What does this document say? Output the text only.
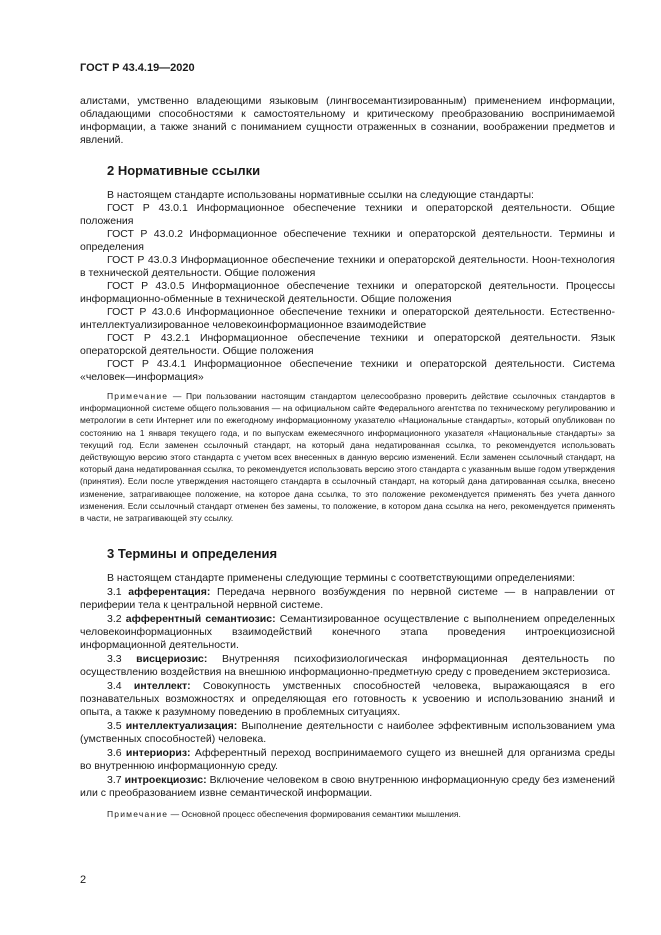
ГОСТ Р 43.4.19—2020

алистами, умственно владеющими языковым (лингвосемантизированным) применением информации, обладающими способностями к самостоятельному и критическому преобразованию воспринимаемой информации, а также знаний с пониманием сущности отраженных в сознании, воображении предметов и явлений.

2 Нормативные ссылки

В настоящем стандарте использованы нормативные ссылки на следующие стандарты:

ГОСТ Р 43.0.1 Информационное обеспечение техники и операторской деятельности. Общие положения

ГОСТ Р 43.0.2 Информационное обеспечение техники и операторской деятельности. Термины и определения

ГОСТ Р 43.0.3 Информационное обеспечение техники и операторской деятельности. Ноон-технология в технической деятельности. Общие положения

ГОСТ Р 43.0.5 Информационное обеспечение техники и операторской деятельности. Процессы информационно-обменные в технической деятельности. Общие положения

ГОСТ Р 43.0.6 Информационное обеспечение техники и операторской деятельности. Естественно-интеллектуализированное человекоинформационное взаимодействие

ГОСТ Р 43.2.1 Информационное обеспечение техники и операторской деятельности. Язык операторской деятельности. Общие положения

ГОСТ Р 43.4.1 Информационное обеспечение техники и операторской деятельности. Система «человек—информация»

Примечание — При пользовании настоящим стандартом целесообразно проверить действие ссылочных стандартов в информационной системе общего пользования — на официальном сайте Федерального агентства по техническому регулированию и метрологии в сети Интернет или по ежегодному информационному указателю «Национальные стандарты», который опубликован по состоянию на 1 января текущего года, и по выпускам ежемесячного информационного указателя «Национальные стандарты» за текущий год. Если заменен ссылочный стандарт, на который дана недатированная ссылка, то рекомендуется использовать действующую версию этого стандарта с учетом всех внесенных в данную версию изменений. Если заменен ссылочный стандарт, на который дана недатированная ссылка, то рекомендуется использовать версию этого стандарта с указанным выше годом утверждения (принятия). Если после утверждения настоящего стандарта в ссылочный стандарт, на который дана датированная ссылка, внесено изменение, затрагивающее положение, на которое дана ссылка, то это положение рекомендуется применять без учета данного изменения. Если ссылочный стандарт отменен без замены, то положение, в котором дана ссылка на него, рекомендуется применять в части, не затрагивающей эту ссылку.

3 Термины и определения

В настоящем стандарте применены следующие термины с соответствующими определениями:

3.1 афферентация: Передача нервного возбуждения по нервной системе — в направлении от периферии тела к центральной нервной системе.

3.2 афферентный семантиозис: Семантизированное осуществление с выполнением определенных человекоинформационных взаимодействий конечного этапа проведения интроекциозисной информационной деятельности.

3.3 висцериозис: Внутренняя психофизиологическая информационная деятельность по осуществлению воздействия на внешнюю информационно-предметную среду с проведением экстериозиса.

3.4 интеллект: Совокупность умственных способностей человека, выражающаяся в его познавательных возможностях и определяющая его готовность к усвоению и использованию знаний и опыта, а также к разумному поведению в проблемных ситуациях.

3.5 интеллектуализация: Выполнение деятельности с наиболее эффективным использованием ума (умственных способностей) человека.

3.6 интериориз: Афферентный переход воспринимаемого сущего из внешней для организма среды во внутреннюю информационную среду.

3.7 интроекциозис: Включение человеком в свою внутреннюю информационную среду без изменений или с преобразованием извне семантической информации.

Примечание — Основной процесс обеспечения формирования семантики мышления.

2
